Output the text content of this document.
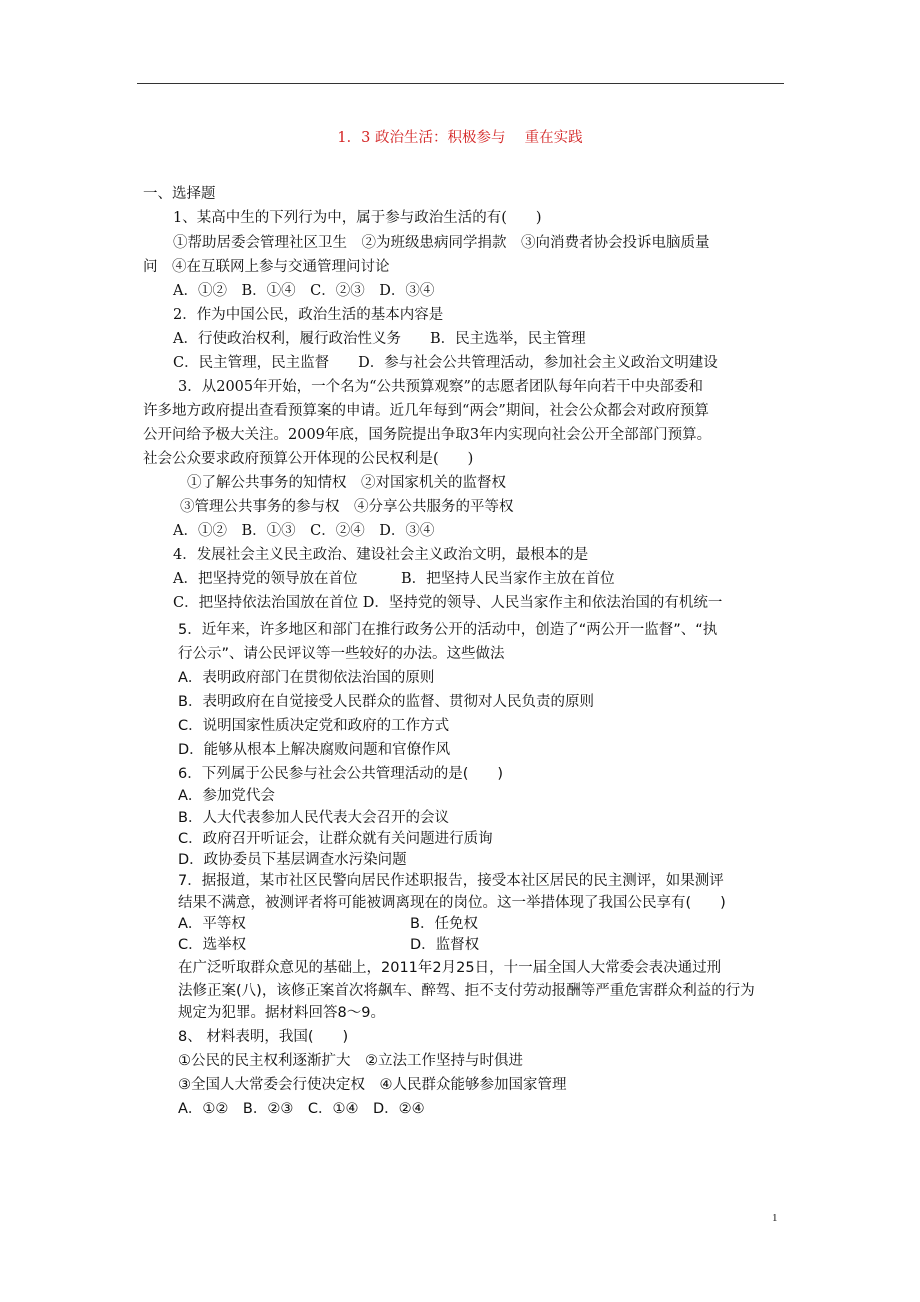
1．3 政治生活：积极参与　 重在实践
一、选择题
1、某高中生的下列行为中，属于参与政治生活的有(　　)
①帮助居委会管理社区卫生　②为班级患病同学捐款　③向消费者协会投诉电脑质量
问　④在互联网上参与交通管理问讨论
A．①②　B．①④　C．②③　D．③④
2．作为中国公民，政治生活的基本内容是
A．行使政治权利，履行政治性义务　　B．民主选举，民主管理
C．民主管理，民主监督　　D．参与社会公共管理活动，参加社会主义政治文明建设
3．从2005年开始，一个名为“公共预算观察”的志愿者团队每年向若干中央部委和
许多地方政府提出查看预算案的申请。近几年每到“两会”期间，社会公众都会对政府预算
公开问给予极大关注。2009年底，国务院提出争取3年内实现向社会公开全部部门预算。
社会公众要求政府预算公开体现的公民权利是(　　)
①了解公共事务的知情权　②对国家机关的监督权
③管理公共事务的参与权　④分享公共服务的平等权
A．①②　B．①③　C．②④　D．③④
4．发展社会主义民主政治、建设社会主义政治文明，最根本的是
A．把坚持党的领导放在首位　　　B．把坚持人民当家作主放在首位
C．把坚持依法治国放在首位 D．坚持党的领导、人民当家作主和依法治国的有机统一
5．近年来，许多地区和部门在推行政务公开的活动中，创造了“两公开一监督”、“执
行公示”、请公民评议等一些较好的办法。这些做法
A．表明政府部门在贯彻依法治国的原则
B．表明政府在自觉接受人民群众的监督、贯彻对人民负责的原则
C．说明国家性质决定党和政府的工作方式
D．能够从根本上解决腐败问题和官僚作风
6．下列属于公民参与社会公共管理活动的是(　　)
A．参加党代会
B．人大代表参加人民代表大会召开的会议
C．政府召开听证会，让群众就有关问题进行质询
D．政协委员下基层调查水污染问题
7．据报道，某市社区民警向居民作述职报告，接受本社区居民的民主测评，如果测评
结果不满意，被测评者将可能被调离现在的岗位。这一举措体现了我国公民享有(　　)
A．平等权	B．任免权
C．选举权	D．监督权
在广泛听取群众意见的基础上，2011年2月25日，十一届全国人大常委会表决通过刑
法修正案(八)，该修正案首次将飙车、醉驾、拒不支付劳动报酬等严重危害群众利益的行为
规定为犯罪。据材料回答8～9。
8、 材料表明，我国(　　)
①公民的民主权利逐渐扩大　②立法工作坚持与时俱进
③全国人大常委会行使决定权　④人民群众能够参加国家管理
A．①②　B．②③　C．①④　D．②④
1
